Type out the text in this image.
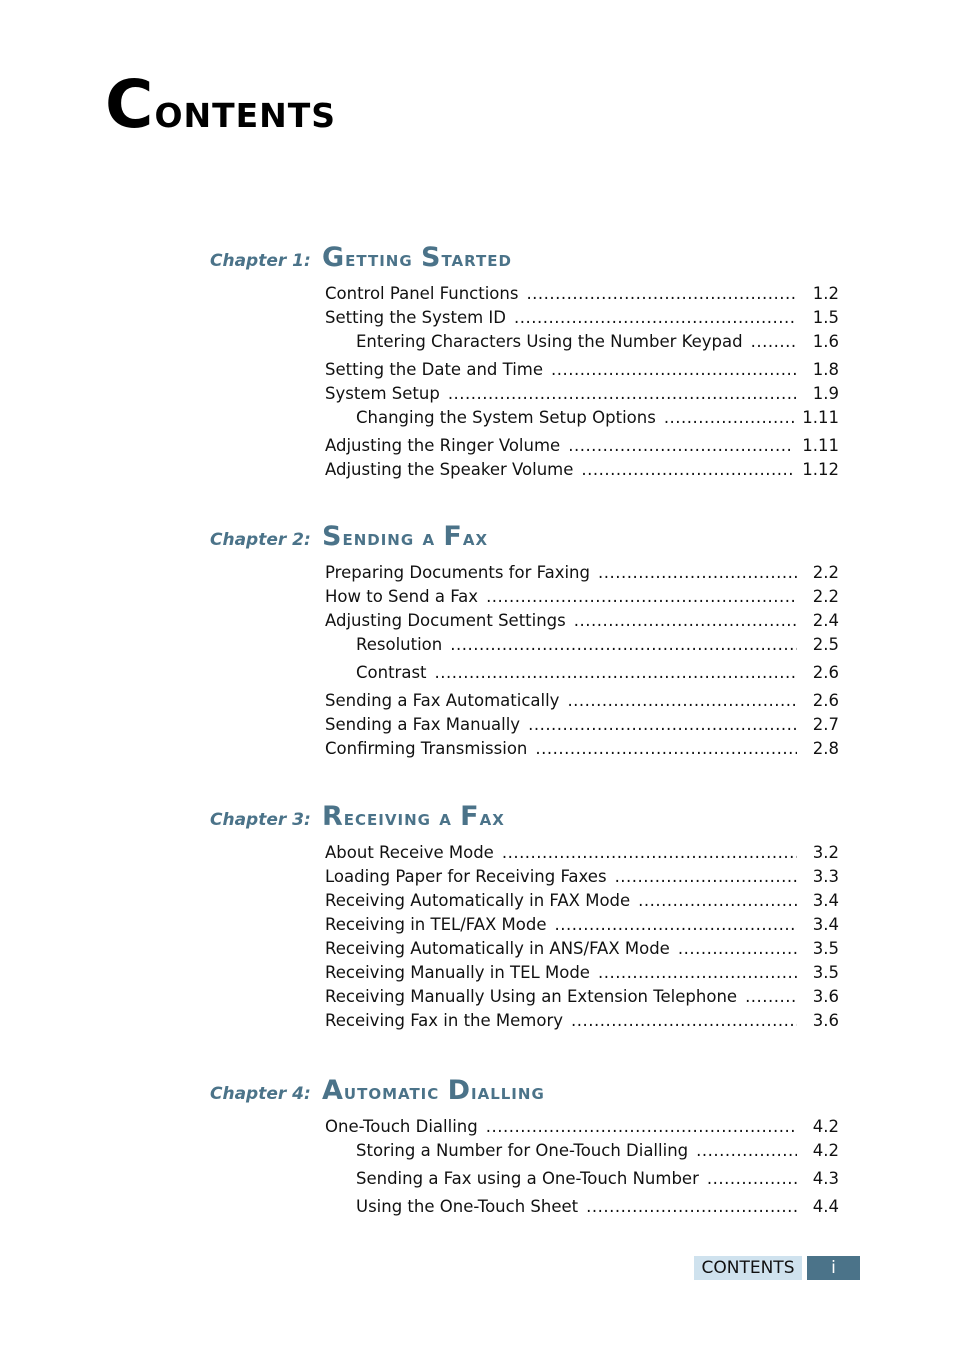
Contents
Chapter 1: Getting Started
Control Panel Functions .....	1.2
Setting the System ID .....	1.5
Entering Characters Using the Number Keypad .....	1.6
Setting the Date and Time .....	1.8
System Setup .....	1.9
Changing the System Setup Options .....	1.11
Adjusting the Ringer Volume .....	1.11
Adjusting the Speaker Volume .....	1.12
Chapter 2: Sending a Fax
Preparing Documents for Faxing .....	2.2
How to Send a Fax .....	2.2
Adjusting Document Settings .....	2.4
Resolution .....	2.5
Contrast .....	2.6
Sending a Fax Automatically .....	2.6
Sending a Fax Manually .....	2.7
Confirming Transmission .....	2.8
Chapter 3: Receiving a Fax
About Receive Mode .....	3.2
Loading Paper for Receiving Faxes .....	3.3
Receiving Automatically in FAX Mode .....	3.4
Receiving in TEL/FAX Mode .....	3.4
Receiving Automatically in ANS/FAX Mode .....	3.5
Receiving Manually in TEL Mode .....	3.5
Receiving Manually Using an Extension Telephone .....	3.6
Receiving Fax in the Memory .....	3.6
Chapter 4: Automatic Dialling
One-Touch Dialling .....	4.2
Storing a Number for One-Touch Dialling .....	4.2
Sending a Fax using a One-Touch Number .....	4.3
Using the One-Touch Sheet .....	4.4
CONTENTS	i
